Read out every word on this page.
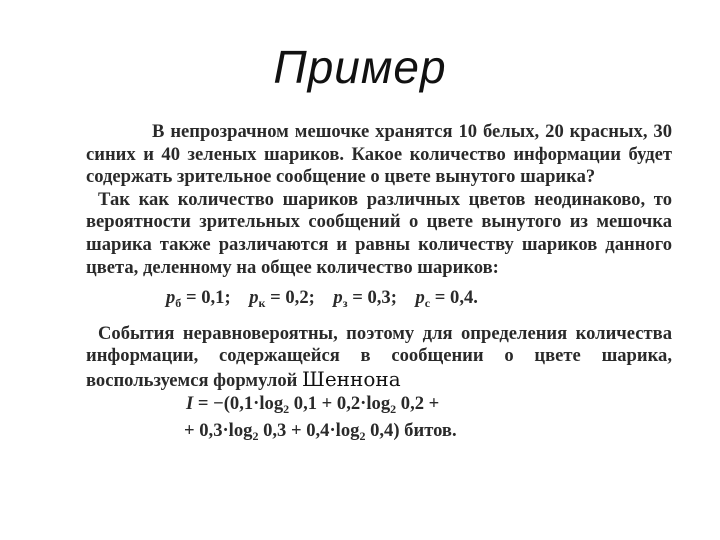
Пример

В непрозрачном мешочке хранятся 10 белых, 20 красных, 30 синих и 40 зеленых шариков. Какое количество информации будет содержать зрительное сообщение о цвете вынутого шарика?

Так как количество шариков различных цветов неодинаково, то вероятности зрительных сообщений о цвете вынутого из мешочка шарика также различаются и равны количеству шариков данного цвета, деленному на общее количество шариков:

$p_б = 0,1$; $p_к = 0,2$; $p_з = 0,3$; $p_с = 0,4$.

События неравновероятны, поэтому для определения количества информации, содержащейся в сообщении о цвете шарика, воспользуемся формулой Шеннона

$I = -(0,1\cdot\log_2$ $0,1 + 0,2\cdot\log_2$ 0,2 +
+ $0,3\cdot\log_2$ $0,3 + 0,4\cdot\log_2$ 0,4) битов.
